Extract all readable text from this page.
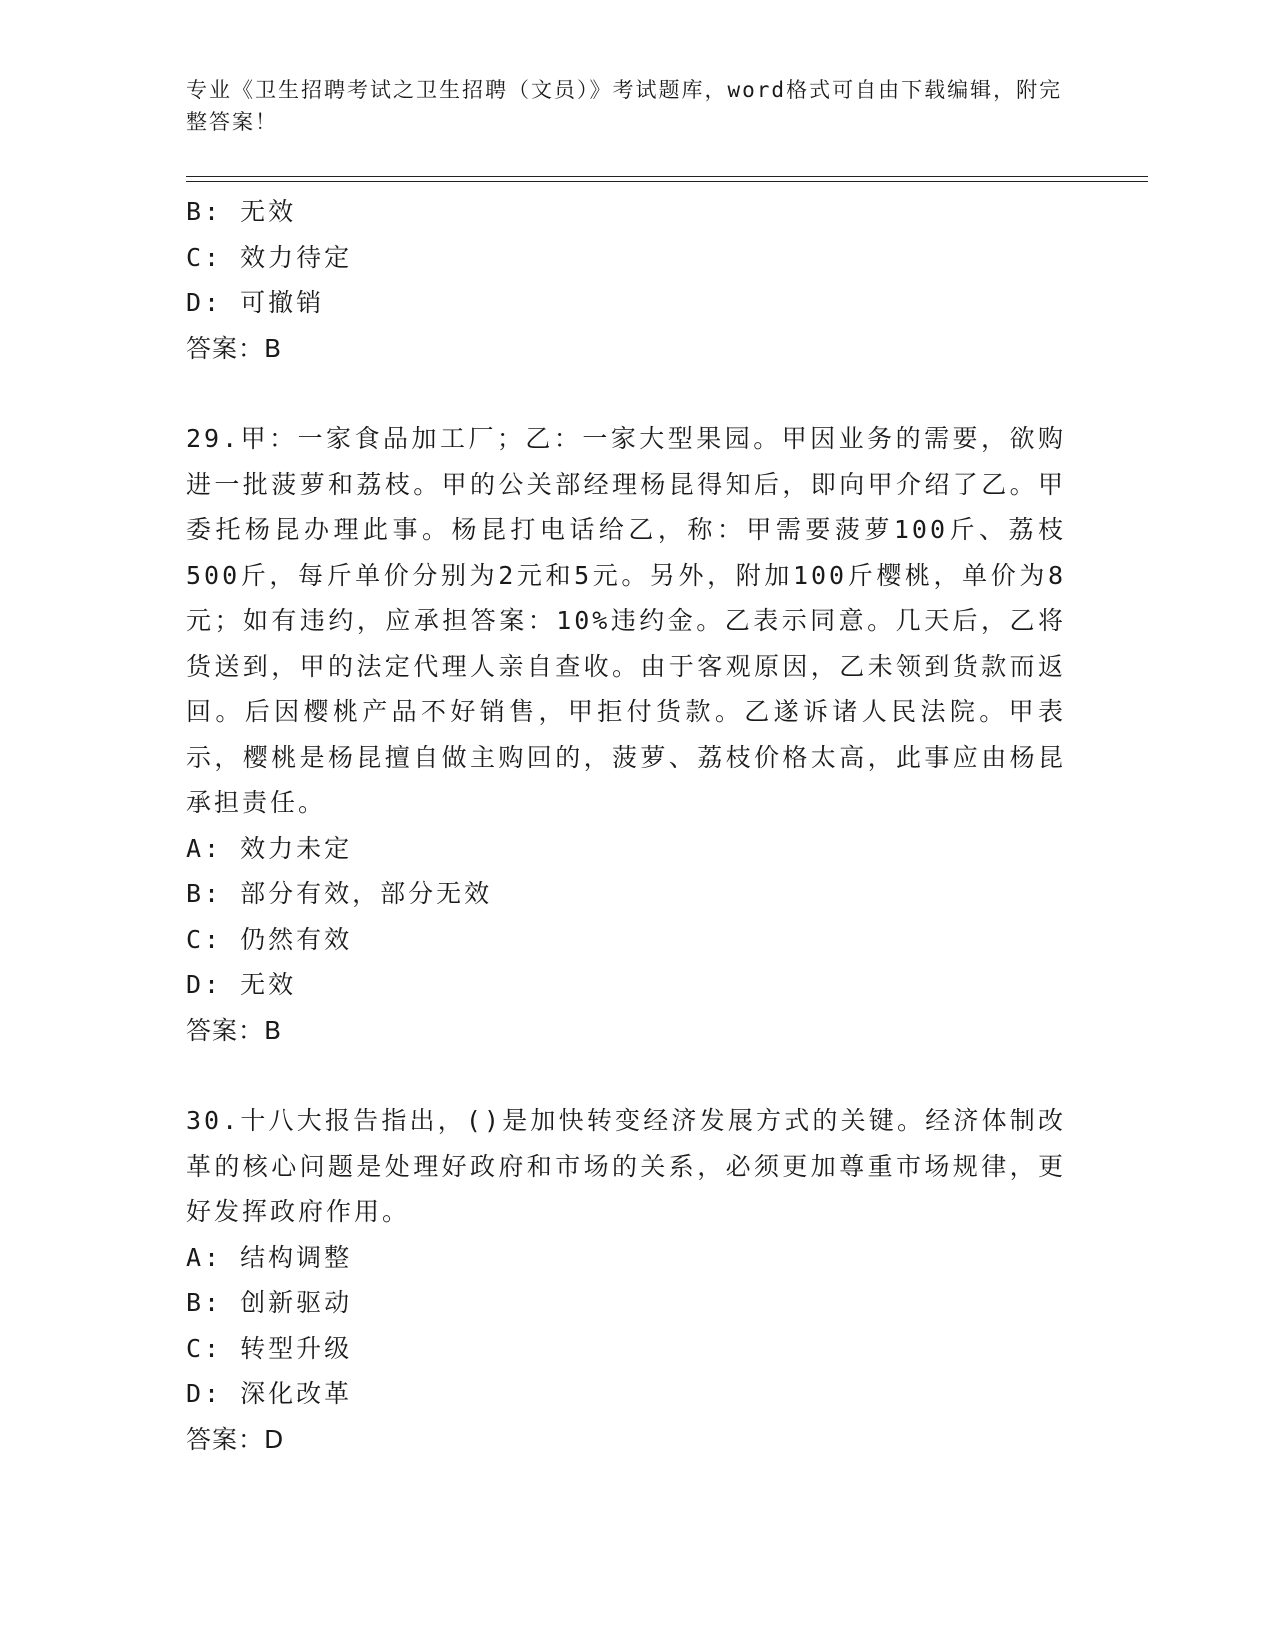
专业《卫生招聘考试之卫生招聘（文员）》考试题库，word格式可自由下载编辑，附完整答案！
B: 无效
C: 效力待定
D: 可撤销
答案：B
29.甲：一家食品加工厂；乙：一家大型果园。甲因业务的需要，欲购进一批菠萝和荔枝。甲的公关部经理杨昆得知后，即向甲介绍了乙。甲委托杨昆办理此事。杨昆打电话给乙，称：甲需要菠萝100斤、荔枝500斤，每斤单价分别为2元和5元。另外，附加100斤樱桃，单价为8元；如有违约，应承担答案：10%违约金。乙表示同意。几天后，乙将货送到，甲的法定代理人亲自查收。由于客观原因，乙未领到货款而返回。后因樱桃产品不好销售，甲拒付货款。乙遂诉诸人民法院。甲表示，樱桃是杨昆擅自做主购回的，菠萝、荔枝价格太高，此事应由杨昆承担责任。
A: 效力未定
B: 部分有效，部分无效
C: 仍然有效
D: 无效
答案：B
30.十八大报告指出，()是加快转变经济发展方式的关键。经济体制改革的核心问题是处理好政府和市场的关系，必须更加尊重市场规律，更好发挥政府作用。
A: 结构调整
B: 创新驱动
C: 转型升级
D: 深化改革
答案：D
